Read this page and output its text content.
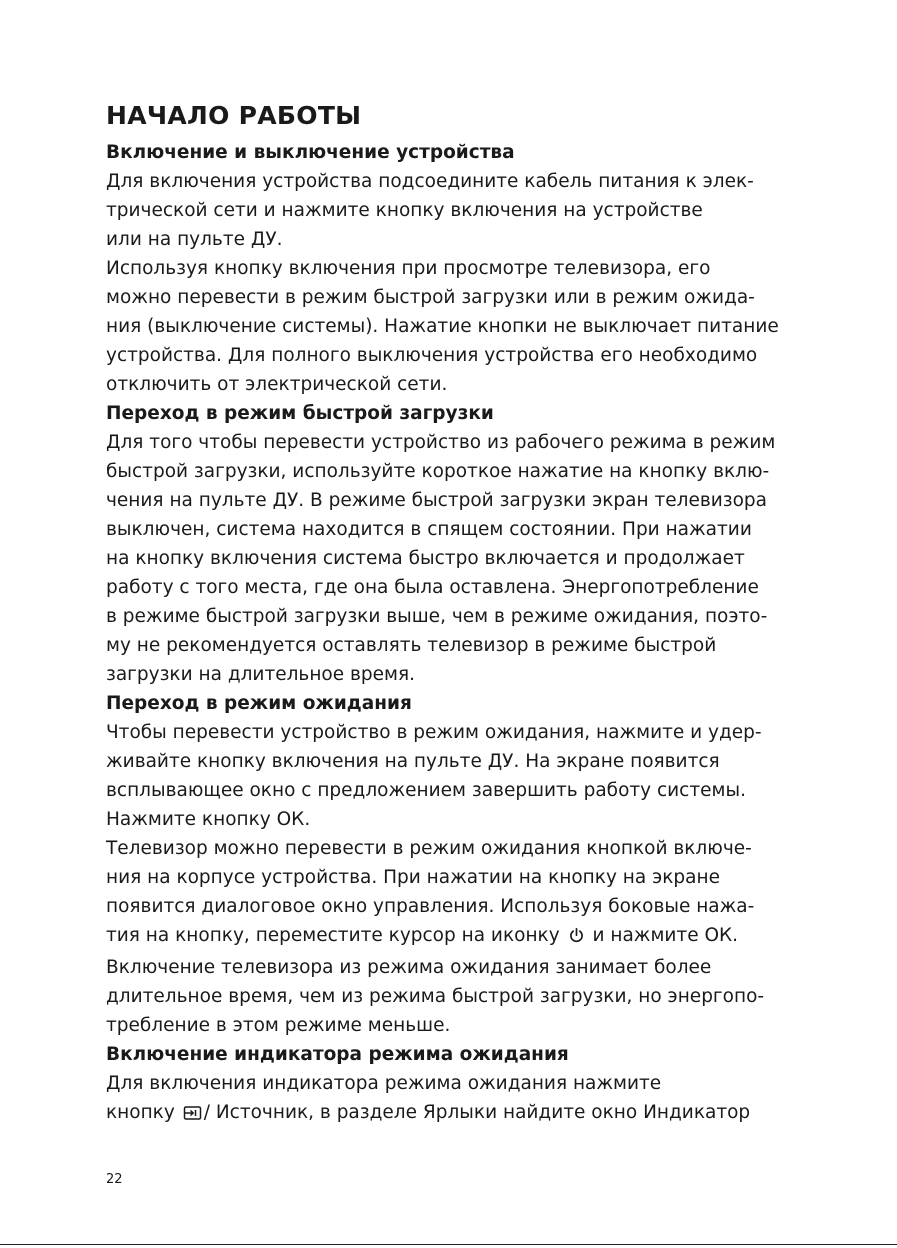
НАЧАЛО РАБОТЫ
Включение и выключение устройства

Для включения устройства подсоедините кабель питания к элек-
трической сети и нажмите кнопку включения на устройстве
или на пульте ДУ.

Используя кнопку включения при просмотре телевизора, его
можно перевести в режим быстрой загрузки или в режим ожида-
ния (выключение системы). Нажатие кнопки не выключает питание
устройства. Для полного выключения устройства его необходимо
отключить от электрической сети.

Переход в режим быстрой загрузки

Для того чтобы перевести устройство из рабочего режима в режим
быстрой загрузки, используйте короткое нажатие на кнопку вклю-
чения на пульте ДУ. В режиме быстрой загрузки экран телевизора
выключен, система находится в спящем состоянии. При нажатии
на кнопку включения система быстро включается и продолжает
работу с того места, где она была оставлена. Энергопотребление
в режиме быстрой загрузки выше, чем в режиме ожидания, поэто-
му не рекомендуется оставлять телевизор в режиме быстрой
загрузки на длительное время.

Переход в режим ожидания

Чтобы перевести устройство в режим ожидания, нажмите и удер-
живайте кнопку включения на пульте ДУ. На экране появится
всплывающее окно с предложением завершить работу системы.
Нажмите кнопку ОК.

Телевизор можно перевести в режим ожидания кнопкой включе-
ния на корпусе устройства. При нажатии на кнопку на экране
появится диалоговое окно управления. Используя боковые нажа-
тия на кнопку, переместите курсор на иконку и нажмите ОК.
Включение телевизора из режима ожидания занимает более
длительное время, чем из режима быстрой загрузки, но энергопо-
требление в этом режиме меньше.

Включение индикатора режима ожидания

Для включения индикатора режима ожидания нажмите
кнопку / Источник, в разделе Ярлыки найдите окно Индикатор

22
